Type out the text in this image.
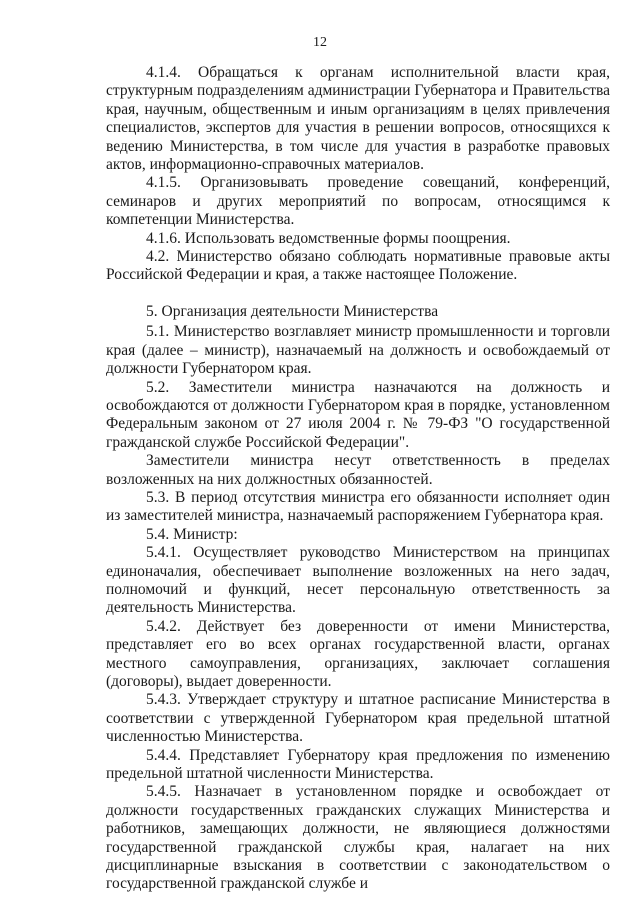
12

4.1.4. Обращаться к органам исполнительной власти края, структурным подразделениям администрации Губернатора и Правительства края, научным, общественным и иным организациям в целях привлечения специалистов, экспертов для участия в решении вопросов, относящихся к ведению Министерства, в том числе для участия в разработке правовых актов, информационно-справочных материалов.

4.1.5. Организовывать проведение совещаний, конференций, семинаров и других мероприятий по вопросам, относящимся к компетенции Министерства.

4.1.6. Использовать ведомственные формы поощрения.

4.2. Министерство обязано соблюдать нормативные правовые акты Российской Федерации и края, а также настоящее Положение.

5. Организация деятельности Министерства

5.1. Министерство возглавляет министр промышленности и торговли края (далее – министр), назначаемый на должность и освобождаемый от должности Губернатором края.

5.2. Заместители министра назначаются на должность и освобождаются от должности Губернатором края в порядке, установленном Федеральным законом от 27 июля 2004 г. № 79-ФЗ "О государственной гражданской службе Российской Федерации".

Заместители министра несут ответственность в пределах возложенных на них должностных обязанностей.

5.3. В период отсутствия министра его обязанности исполняет один из заместителей министра, назначаемый распоряжением Губернатора края.

5.4. Министр:

5.4.1. Осуществляет руководство Министерством на принципах единоначалия, обеспечивает выполнение возложенных на него задач, полномочий и функций, несет персональную ответственность за деятельность Министерства.

5.4.2. Действует без доверенности от имени Министерства, представляет его во всех органах государственной власти, органах местного самоуправления, организациях, заключает соглашения (договоры), выдает доверенности.

5.4.3. Утверждает структуру и штатное расписание Министерства в соответствии с утвержденной Губернатором края предельной штатной численностью Министерства.

5.4.4. Представляет Губернатору края предложения по изменению предельной штатной численности Министерства.

5.4.5. Назначает в установленном порядке и освобождает от должности государственных гражданских служащих Министерства и работников, замещающих должности, не являющиеся должностями государственной гражданской службы края, налагает на них дисциплинарные взыскания в соответствии с законодательством о государственной гражданской службе и
